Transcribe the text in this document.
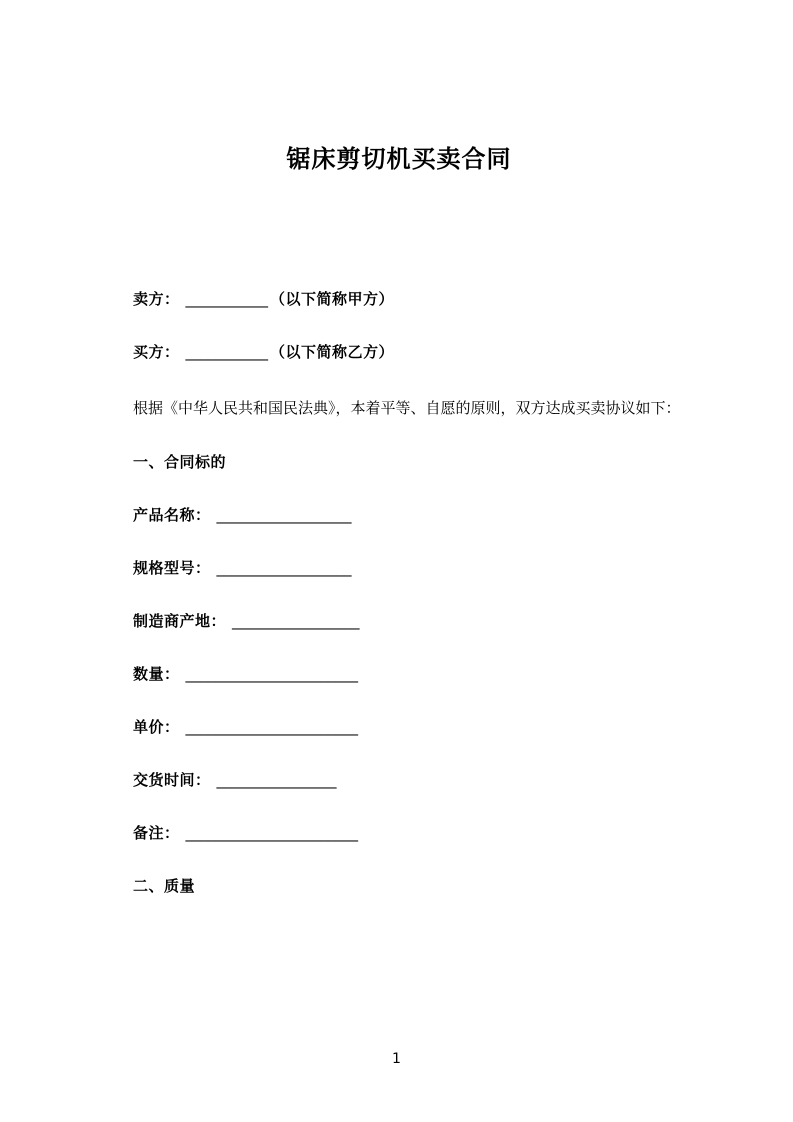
锯床剪切机买卖合同

卖方： ___________ （以下简称甲方）

买方： ___________ （以下简称乙方）

根据《中华人民共和国民法典》，本着平等、自愿的原则，双方达成买卖协议如下：

一、合同标的

产品名称： __________________

规格型号： __________________

制造商产地： _________________

数量： _______________________

单价： _______________________

交货时间： ________________

备注： _______________________

二、质量

1
